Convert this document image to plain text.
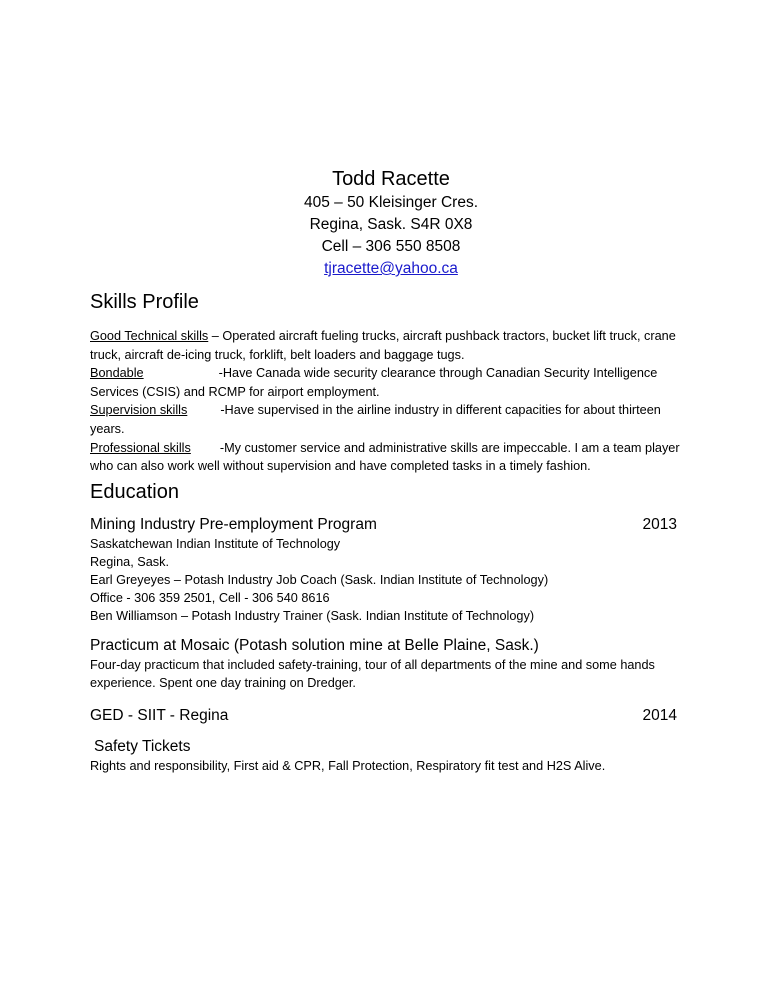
Todd Racette
405 – 50 Kleisinger Cres.
Regina, Sask. S4R 0X8
Cell – 306 550 8508
tjracette@yahoo.ca
Skills Profile
Good Technical skills – Operated aircraft fueling trucks, aircraft pushback tractors, bucket lift truck, crane truck, aircraft de-icing truck, forklift, belt loaders and baggage tugs.
Bondable	-Have Canada wide security clearance through Canadian Security Intelligence Services (CSIS) and RCMP for airport employment.
Supervision skills	-Have supervised in the airline industry in different capacities for about thirteen years.
Professional skills -My customer service and administrative skills are impeccable. I am a team player who can also work well without supervision and have completed tasks in a timely fashion.
Education
Mining Industry Pre-employment Program	2013
Saskatchewan Indian Institute of Technology
Regina, Sask.
Earl Greyeyes – Potash Industry Job Coach (Sask. Indian Institute of Technology)
Office - 306 359 2501, Cell - 306 540 8616
Ben Williamson – Potash Industry Trainer (Sask. Indian Institute of Technology)
Practicum at Mosaic (Potash solution mine at Belle Plaine, Sask.)
Four-day practicum that included safety-training, tour of all departments of the mine and some hands experience. Spent one day training on Dredger.
GED - SIIT - Regina	2014
Safety Tickets
Rights and responsibility, First aid & CPR, Fall Protection, Respiratory fit test and H2S Alive.
